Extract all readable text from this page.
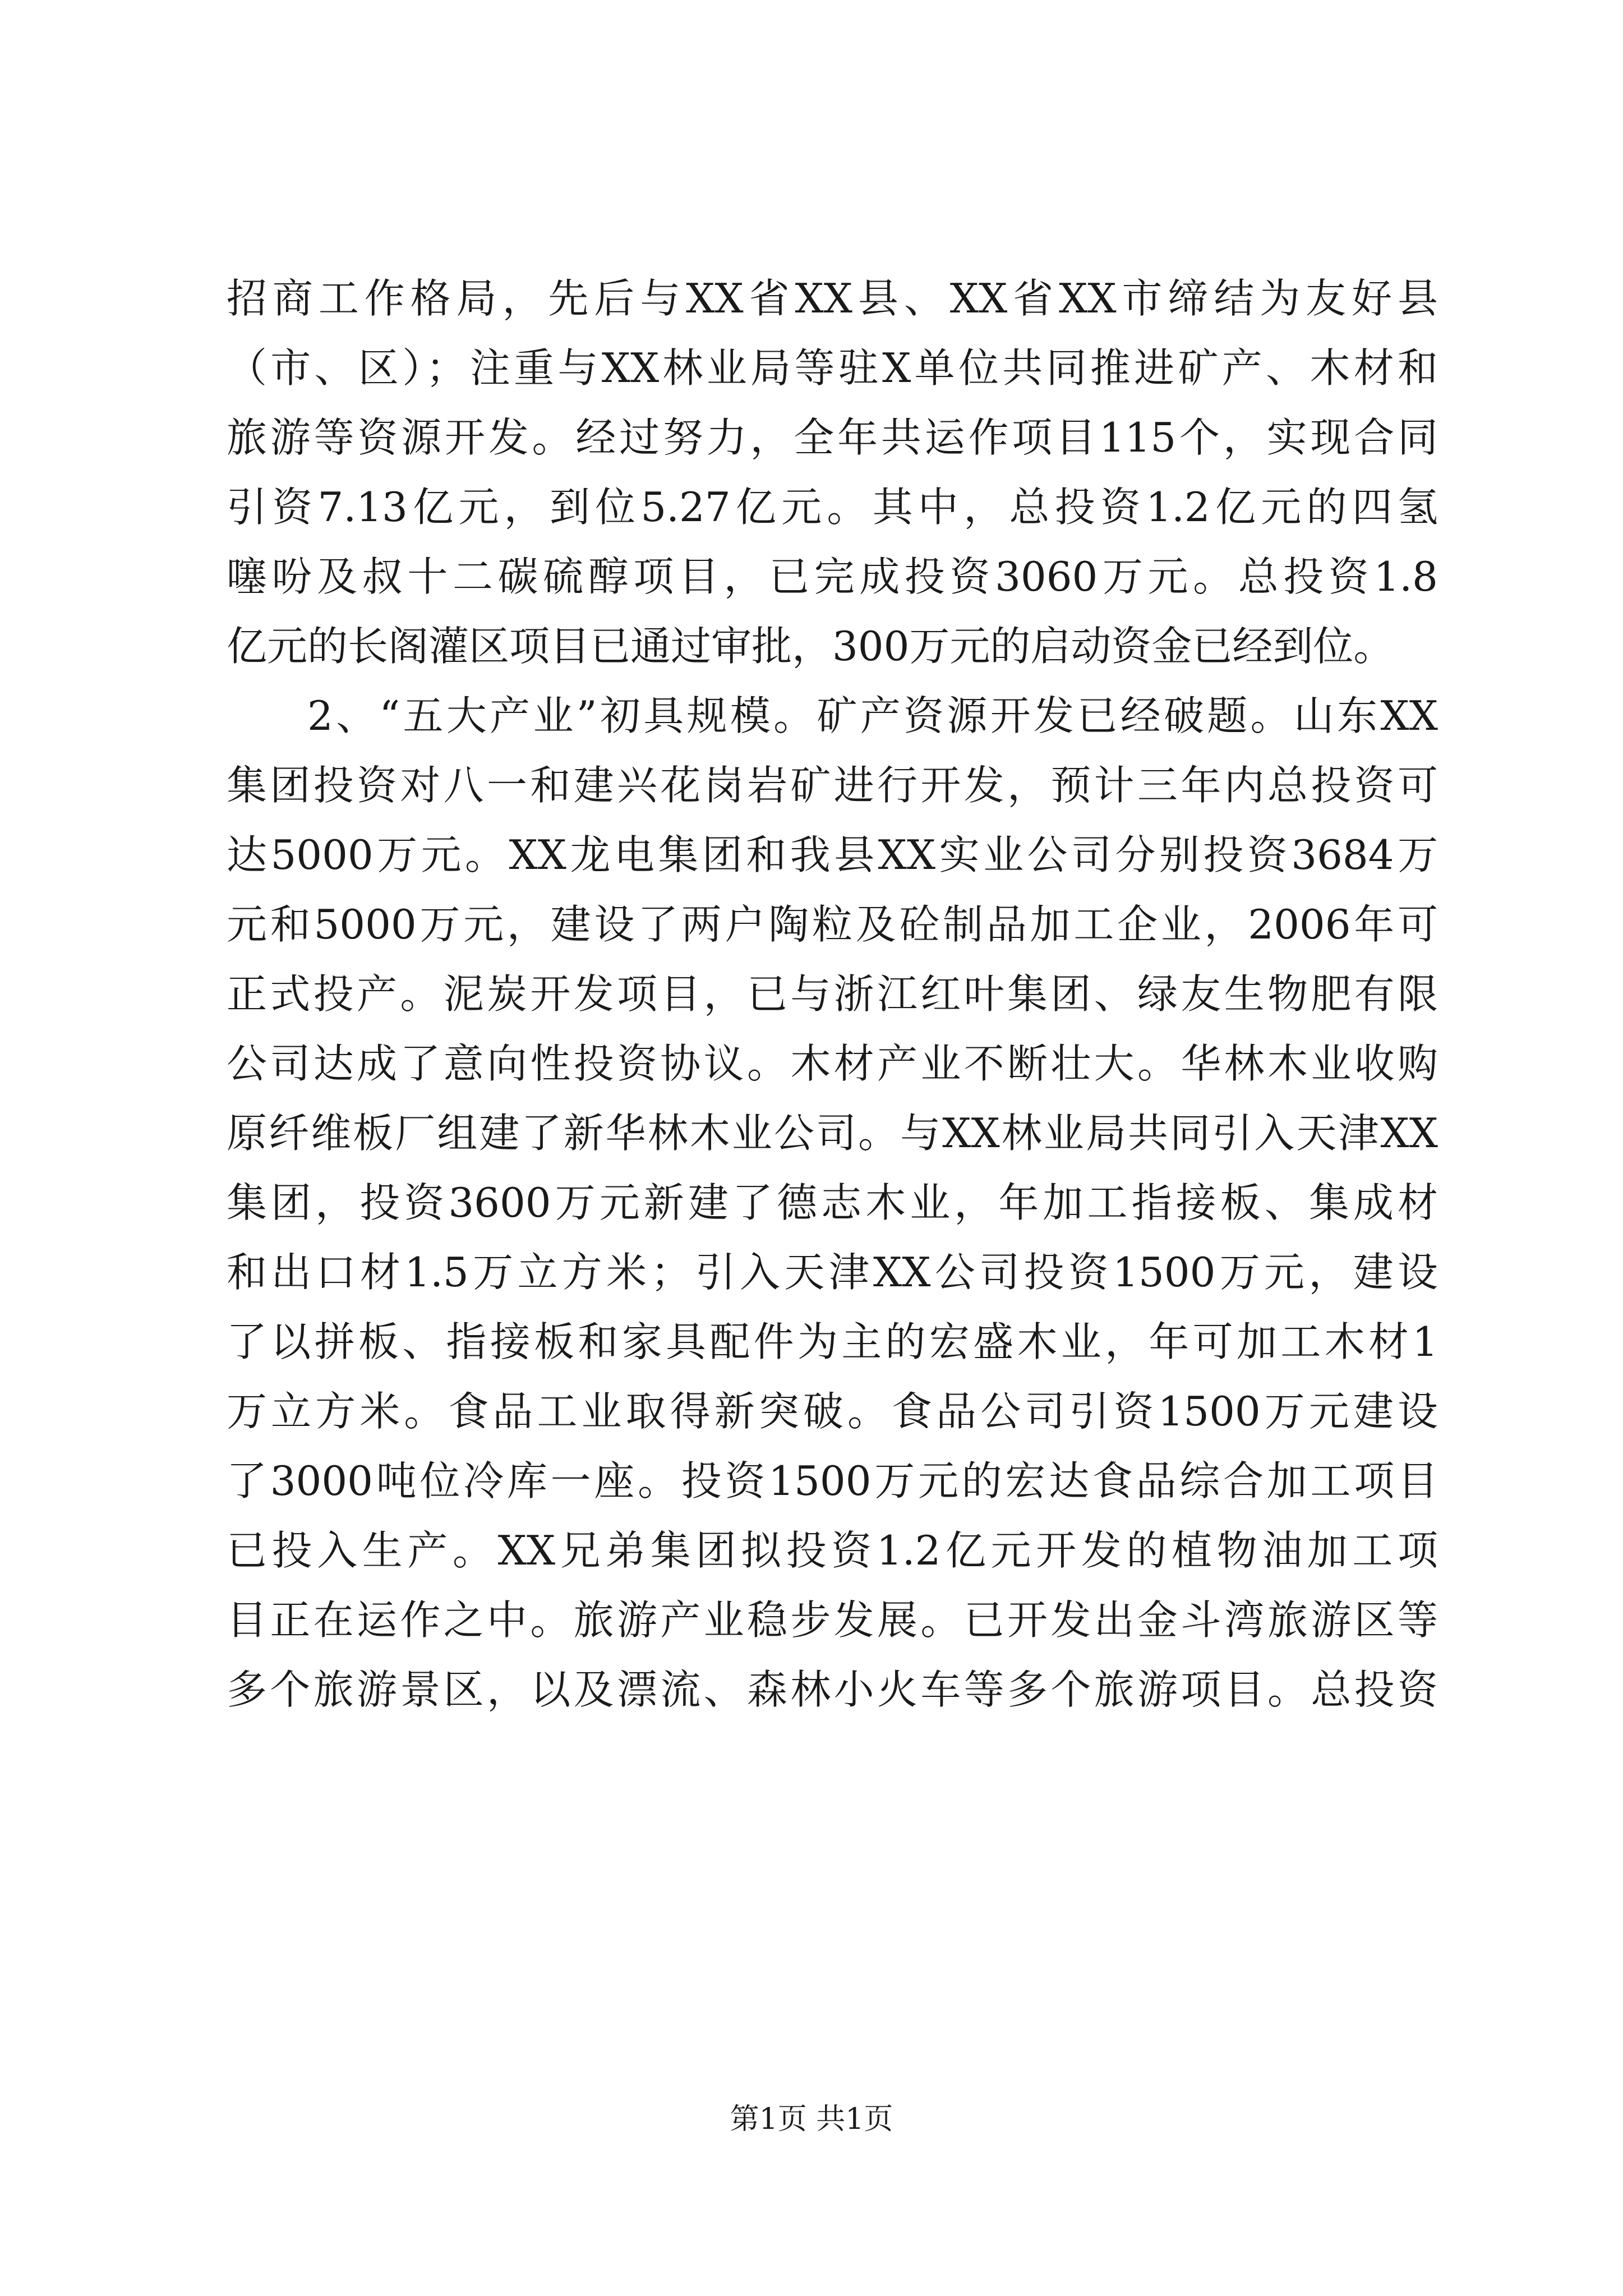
招商工作格局，先后与XX省XX县、XX省XX市缔结为友好县
（市、区）；注重与XX林业局等驻X单位共同推进矿产、木材和
旅游等资源开发。经过努力，全年共运作项目115个，实现合同
引资7.13亿元，到位5.27亿元。其中，总投资1.2亿元的四氢
噻吩及叔十二碳硫醇项目，已完成投资3060万元。总投资1.8
亿元的长阁灌区项目已通过审批，300万元的启动资金已经到位。
2、“五大产业”初具规模。矿产资源开发已经破题。山东XX
集团投资对八一和建兴花岗岩矿进行开发，预计三年内总投资可
达5000万元。XX龙电集团和我县XX实业公司分别投资3684万
元和5000万元，建设了两户陶粒及砼制品加工企业，2006年可
正式投产。泥炭开发项目，已与浙江红叶集团、绿友生物肥有限
公司达成了意向性投资协议。木材产业不断壮大。华林木业收购
原纤维板厂组建了新华林木业公司。与XX林业局共同引入天津XX
集团，投资3600万元新建了德志木业，年加工指接板、集成材
和出口材1.5万立方米；引入天津XX公司投资1500万元，建设
了以拼板、指接板和家具配件为主的宏盛木业，年可加工木材1
万立方米。食品工业取得新突破。食品公司引资1500万元建设
了3000吨位冷库一座。投资1500万元的宏达食品综合加工项目
已投入生产。XX兄弟集团拟投资1.2亿元开发的植物油加工项
目正在运作之中。旅游产业稳步发展。已开发出金斗湾旅游区等
多个旅游景区，以及漂流、森林小火车等多个旅游项目。总投资
第1页 共1页
